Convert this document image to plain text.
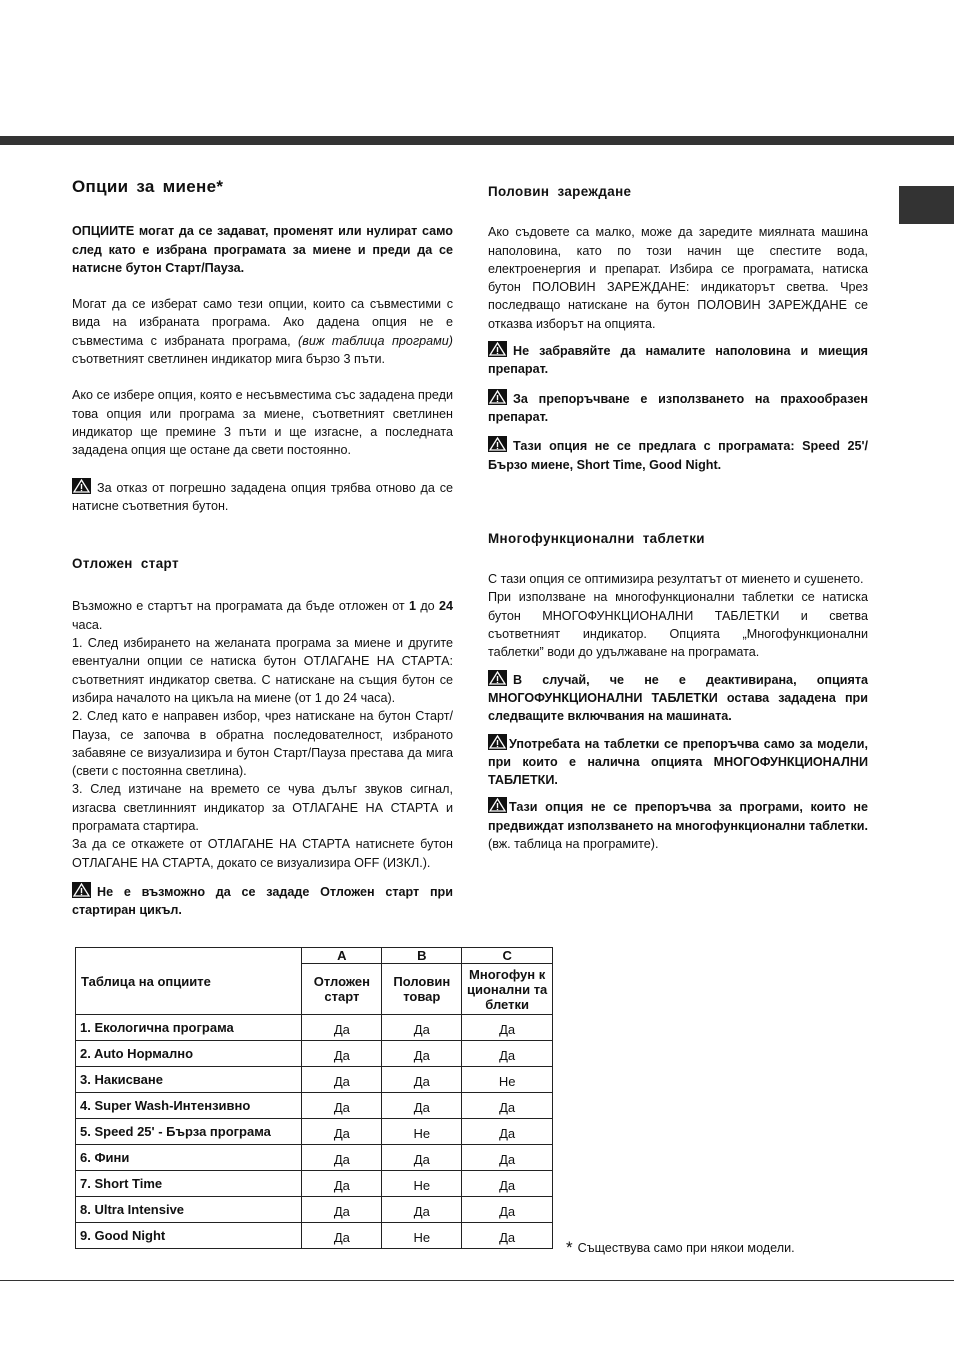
Опции за миене*

ОПЦИИТЕ могат да се задават, променят или нулират само след като е избрана програмата за миене и преди да се натисне бутон Старт/Пауза.

Могат да се изберат само тези опции, които са съвместими с вида на избраната програма. Ако дадена опция не е съвместима с избраната програма, (виж таблица програми) съответният светлинен индикатор мига бързо 3 пъти.

Ако се избере опция, която е несъвместима със зададена преди това опция или програма за миене, съответният светлинен индикатор ще премине 3 пъти и ще изгасне, а последната зададена опция ще остане да свети постоянно.

За отказ от погрешно зададена опция трябва отново да се натисне съответния бутон.

Отложен старт

Възможно е стартът на програмата да бъде отложен от 1 до 24 часа.

1. След избирането на желаната програма за миене и другите евентуални опции се натиска бутон ОТЛАГАНЕ НА СТАРТА: съответният индикатор светва. С натискане на същия бутон се избира началото на цикъла на миене (от 1 до 24 часа).

2. След като е направен избор, чрез натискане на бутон Старт/Пауза, се започва в обратна последователност, избраното забавяне се визуализира и бутон Старт/Пауза престава да мига (свети с постоянна светлина).

3. След изтичане на времето се чува дълъг звуков сигнал, изгасва светлинният индикатор за ОТЛАГАНЕ НА СТАРТА и програмата стартира.

За да се откажете от ОТЛАГАНЕ НА СТАРТА натиснете бутон ОТЛАГАНЕ НА СТАРТА, докато се визуализира OFF (ИЗКЛ.).

Не е възможно да се зададе Отложен старт при стартиран цикъл.

Половин зареждане

Ако съдовете са малко, може да заредите миялната машина наполовина, като по този начин ще спестите вода, електроенергия и препарат. Избира се програмата, натиска бутон ПОЛОВИН ЗАРЕЖДАНЕ: индикаторът светва. Чрез последващо натискане на бутон ПОЛОВИН ЗАРЕЖДАНЕ се отказва изборът на опцията.

Не забравяйте да намалите наполовина и миещия препарат.

За препоръчване е използването на прахообразен препарат.

Тази опция не се предлага с програмата: Speed 25'/Бързо миене, Short Time, Good Night.

Многофункционални таблетки

С тази опция се оптимизира резултатът от миенето и сушенето.

При използване на многофункционални таблетки се натиска бутон МНОГОФУНКЦИОНАЛНИ ТАБЛЕТКИ и светва съответният индикатор. Опцията „Многофункционални таблетки” води до удължаване на програмата.

В случай, че не е деактивирана, опцията МНОГОФУНКЦИОНАЛНИ ТАБЛЕТКИ остава зададена при следващите включвания на машината.

Употребата на таблетки се препоръчва само за модели, при които е налична опцията МНОГОФУНКЦИОНАЛНИ ТАБЛЕТКИ.

Тази опция не се препоръчва за програми, които не предвиждат използването на многофункционални таблетки. (вж. таблица на програмите).

Таблица на опциите	A	B	C
	Отложен старт	Половин товар	Многофун кционални таблетки
1. Екологична програма	Да	Да	Да
2. Auto Нормално	Да	Да	Да
3. Накисване	Да	Да	Не
4. Super Wash-Интензивно	Да	Да	Да
5. Speed 25' - Бърза програма	Да	Не	Да
6. Фини	Да	Да	Да
7. Short Time	Да	Не	Да
8. Ultra Intensive	Да	Да	Да
9. Good Night	Да	Не	Да
* Съществува само при някои модели.
